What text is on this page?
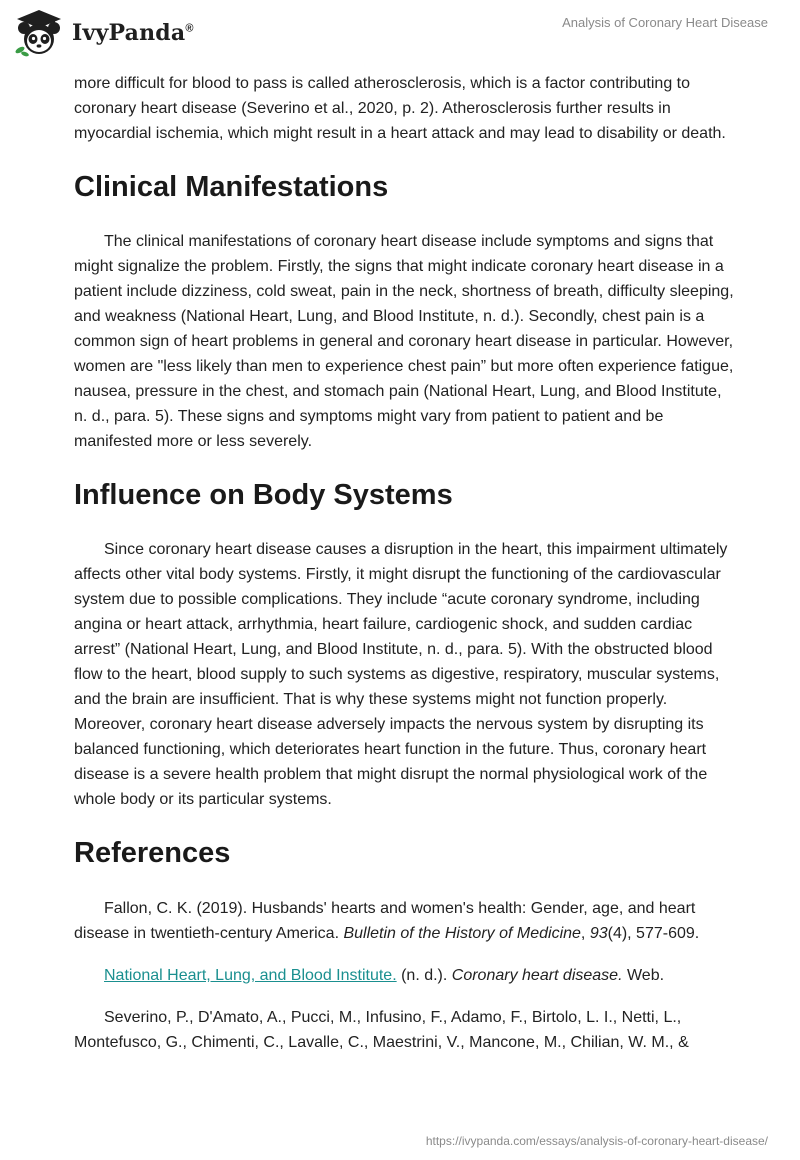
IvyPanda®	Analysis of Coronary Heart Disease

more difficult for blood to pass is called atherosclerosis, which is a factor contributing to coronary heart disease (Severino et al., 2020, p. 2). Atherosclerosis further results in myocardial ischemia, which might result in a heart attack and may lead to disability or death.

Clinical Manifestations

The clinical manifestations of coronary heart disease include symptoms and signs that might signalize the problem. Firstly, the signs that might indicate coronary heart disease in a patient include dizziness, cold sweat, pain in the neck, shortness of breath, difficulty sleeping, and weakness (National Heart, Lung, and Blood Institute, n. d.). Secondly, chest pain is a common sign of heart problems in general and coronary heart disease in particular. However, women are "less likely than men to experience chest pain” but more often experience fatigue, nausea, pressure in the chest, and stomach pain (National Heart, Lung, and Blood Institute, n. d., para. 5). These signs and symptoms might vary from patient to patient and be manifested more or less severely.

Influence on Body Systems

Since coronary heart disease causes a disruption in the heart, this impairment ultimately affects other vital body systems. Firstly, it might disrupt the functioning of the cardiovascular system due to possible complications. They include “acute coronary syndrome, including angina or heart attack, arrhythmia, heart failure, cardiogenic shock, and sudden cardiac arrest” (National Heart, Lung, and Blood Institute, n. d., para. 5). With the obstructed blood flow to the heart, blood supply to such systems as digestive, respiratory, muscular systems, and the brain are insufficient. That is why these systems might not function properly. Moreover, coronary heart disease adversely impacts the nervous system by disrupting its balanced functioning, which deteriorates heart function in the future. Thus, coronary heart disease is a severe health problem that might disrupt the normal physiological work of the whole body or its particular systems.

References

Fallon, C. K. (2019). Husbands' hearts and women's health: Gender, age, and heart disease in twentieth-century America. Bulletin of the History of Medicine, 93(4), 577-609.

National Heart, Lung, and Blood Institute. (n. d.). Coronary heart disease. Web.

Severino, P., D'Amato, A., Pucci, M., Infusino, F., Adamo, F., Birtolo, L. I., Netti, L., Montefusco, G., Chimenti, C., Lavalle, C., Maestrini, V., Mancone, M., Chilian, W. M., &

https://ivypanda.com/essays/analysis-of-coronary-heart-disease/
